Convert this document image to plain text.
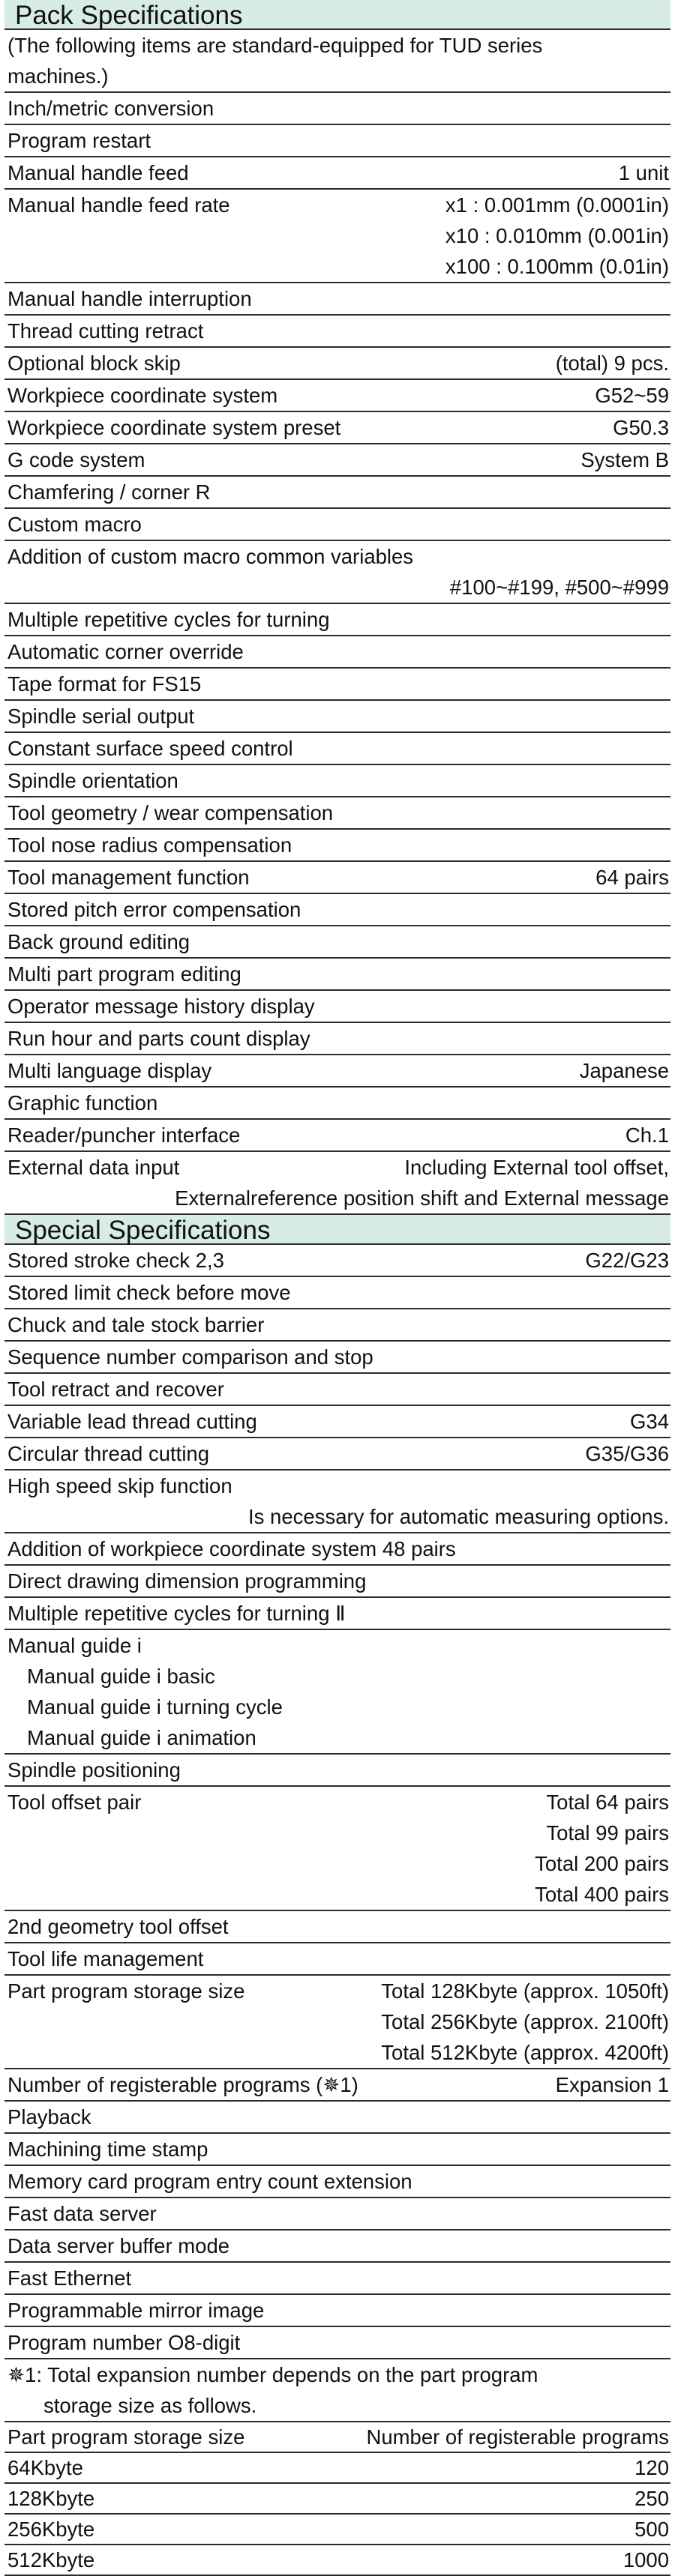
Pack Specifications
(The following items are standard-equipped for TUD series
machines.)
Inch/metric conversion
Program restart
Manual handle feed	1 unit
Manual handle feed rate	x1 : 0.001mm (0.0001in)
x10 : 0.010mm (0.001in)
x100 : 0.100mm (0.01in)
Manual handle interruption
Thread cutting retract
Optional block skip	(total) 9 pcs.
Workpiece coordinate system	G52~59
Workpiece coordinate system preset	G50.3
G code system	System B
Chamfering / corner R
Custom macro
Addition of custom macro common variables
#100~#199, #500~#999
Multiple repetitive cycles for turning
Automatic corner override
Tape format for FS15
Spindle serial output
Constant surface speed control
Spindle orientation
Tool geometry / wear compensation
Tool nose radius compensation
Tool management function	64 pairs
Stored pitch error compensation
Back ground editing
Multi part program editing
Operator message history display
Run hour and parts count display
Multi language display	Japanese
Graphic function
Reader/puncher interface	Ch.1
External data input	Including External tool offset,
Externalreference position shift and External message
Special Specifications
Stored stroke check 2,3	G22/G23
Stored limit check before move
Chuck and tale stock barrier
Sequence number comparison and stop
Tool retract and recover
Variable lead thread cutting	G34
Circular thread cutting	G35/G36
High speed skip function
Is necessary for automatic measuring options.
Addition of workpiece coordinate system 48 pairs
Direct drawing dimension programming
Multiple repetitive cycles for turning Ⅱ
Manual guide i
Manual guide i basic
Manual guide i turning cycle
Manual guide i animation
Spindle positioning
Tool offset pair	Total 64 pairs
Total 99 pairs
Total 200 pairs
Total 400 pairs
2nd geometry tool offset
Tool life management
Part program storage size	Total 128Kbyte (approx. 1050ft)
Total 256Kbyte (approx. 2100ft)
Total 512Kbyte (approx. 4200ft)
Number of registerable programs (✵1)	Expansion 1
Playback
Machining time stamp
Memory card program entry count extension
Fast data server
Data server buffer mode
Fast Ethernet
Programmable mirror image
Program number O8-digit
✵1: Total expansion number depends on the part program
storage size as follows.
Part program storage size	Number of registerable programs
64Kbyte	120
128Kbyte	250
256Kbyte	500
512Kbyte	1000
